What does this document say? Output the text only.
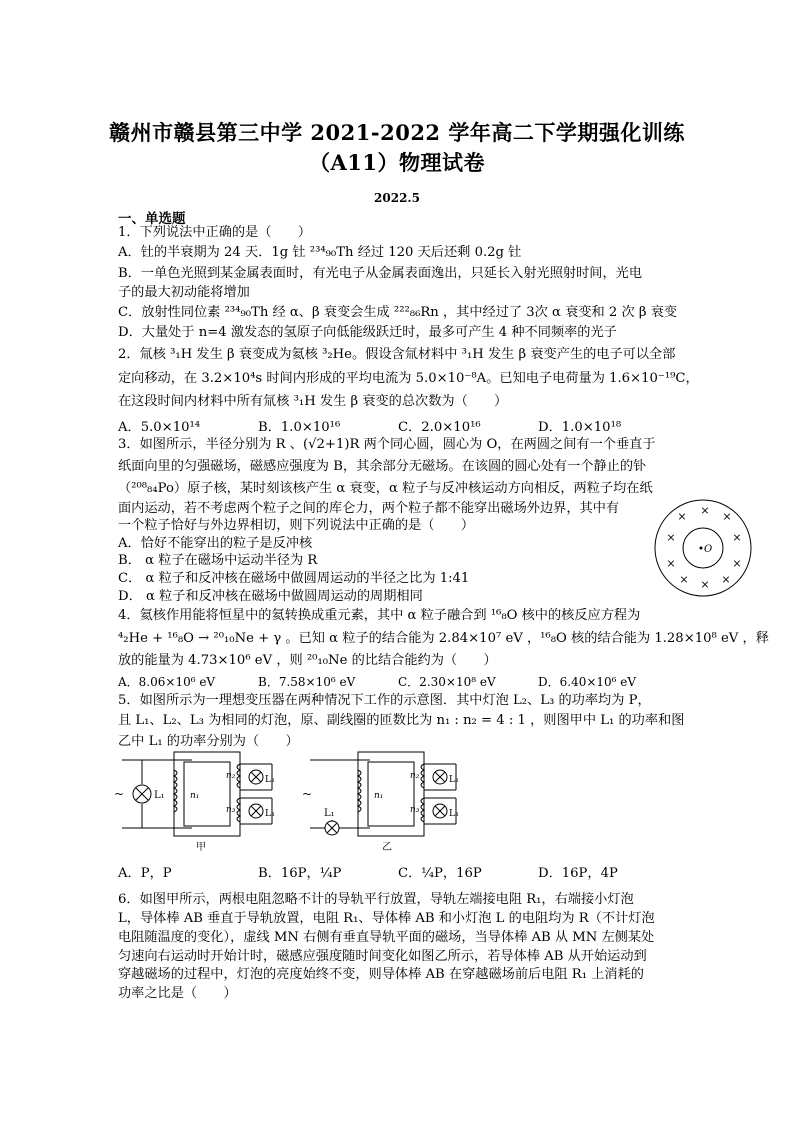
赣州市赣县第三中学 2021-2022 学年高二下学期强化训练
（A11）物理试卷
2022.5
一、单选题
1．下列说法中正确的是（　　）
A．钍的半衰期为 24 天．1g 钍 ²³⁴₉₀Th 经过 120 天后还剩 0.2g 钍
B．一单色光照到某金属表面时，有光电子从金属表面逸出，只延长入射光照射时间，光电
子的最大初动能将增加
C．放射性同位素 ²³⁴₉₀Th 经 α、β 衰变会生成 ²²²₈₆Rn ，其中经过了 3次 α 衰变和 2 次 β 衰变
D．大量处于 n=4 激发态的氢原子向低能级跃迁时，最多可产生 4 种不同频率的光子
2．氚核 ³₁H 发生 β 衰变成为氦核 ³₂He。假设含氚材料中 ³₁H 发生 β 衰变产生的电子可以全部
定向移动，在 3.2×10⁴s 时间内形成的平均电流为 5.0×10⁻⁸A。已知电子电荷量为 1.6×10⁻¹⁹C，
在这段时间内材料中所有氚核 ³₁H 发生 β 衰变的总次数为（　　）
A．5.0×10¹⁴	B．1.0×10¹⁶	C．2.0×10¹⁶	D．1.0×10¹⁸
3．如图所示，半径分别为 R 、(√2+1)R 两个同心圆，圆心为 O，在两圆之间有一个垂直于
纸面向里的匀强磁场，磁感应强度为 B，其余部分无磁场。在该圆的圆心处有一个静止的钋
（²⁰⁸₈₄Po）原子核，某时刻该核产生 α 衰变，α 粒子与反冲核运动方向相反，两粒子均在纸
面内运动，若不考虑两个粒子之间的库仑力，两个粒子都不能穿出磁场外边界，其中有
一个粒子恰好与外边界相切，则下列说法中正确的是（　　）
A．恰好不能穿出的粒子是反冲核
B． α 粒子在磁场中运动半径为 R
C． α 粒子和反冲核在磁场中做圆周运动的半径之比为 1:41
D． α 粒子和反冲核在磁场中做圆周运动的周期相同
O
× × ×
×	×
×	×
× × ×
4．氦核作用能将恒星中的氦转换成重元素，其中 α 粒子融合到 ¹⁶₈O 核中的核反应方程为
⁴₂He + ¹⁶₈O → ²⁰₁₀Ne + γ 。已知 α 粒子的结合能为 2.84×10⁷ eV ，¹⁶₈O 核的结合能为 1.28×10⁸ eV ，释
放的能量为 4.73×10⁶ eV ，则 ²⁰₁₀Ne 的比结合能约为（　　）
A．8.06×10⁶ eV	B．7.58×10⁶ eV	C．2.30×10⁸ eV	D．6.40×10⁶ eV
5．如图所示为一理想变压器在两种情况下工作的示意图．其中灯泡 L₂、L₃ 的功率均为 P，
且 L₁、L₂、L₃ 为相同的灯泡，原、副线圈的匝数比为 n₁ : n₂ = 4 : 1 ，则图甲中 L₁ 的功率和图
乙中 L₁ 的功率分别为（　　）
~	L₁	n₁
n₂
n₃
L₂
L₃
甲
~
L₁
n₁
n₂
n₃
L₂
L₃
乙
A．P，P	B．16P，¼P	C．¼P，16P	D．16P，4P
6．如图甲所示，两根电阻忽略不计的导轨平行放置，导轨左端接电阻 R₁，右端接小灯泡
L，导体棒 AB 垂直于导轨放置，电阻 R₁、导体棒 AB 和小灯泡 L 的电阻均为 R（不计灯泡
电阻随温度的变化），虚线 MN 右侧有垂直导轨平面的磁场，当导体棒 AB 从 MN 左侧某处
匀速向右运动时开始计时，磁感应强度随时间变化如图乙所示，若导体棒 AB 从开始运动到
穿越磁场的过程中，灯泡的亮度始终不变，则导体棒 AB 在穿越磁场前后电阻 R₁ 上消耗的
功率之比是（　　）
